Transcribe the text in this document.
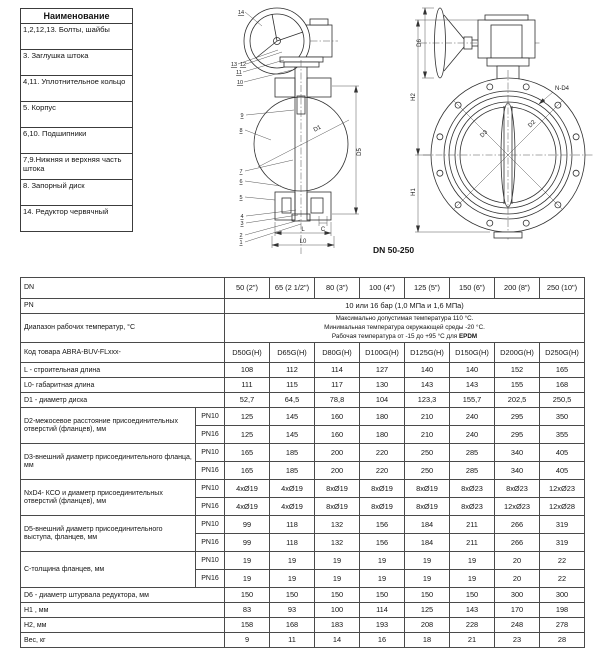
Наименование
1,2,12,13. Болты, шайбы
3. Заглушка штока
4,11. Уплотнительное кольцо
5. Корпус
6,10. Подшипники
7,9.Нижняя и верхняя часть штока
8. Запорный диск
14. Редуктор червячный
D1
D5
L
L0
C
14
13 12
11
10
9
8
7
6
5
4
3
2
1
D6
D3
D2
N-D4
H2
H1
DN 50-250
DN		50 (2")	65 (2 1/2")	80 (3")	100 (4")	125 (5")	150 (6")	200 (8")	250 (10")
PN		10 или 16 бар (1,0 МПа и 1,6 МПа)							
Диапазон рабочих температур, °C		Максимально допустимая температура 110 °C.
Минимальная температура окружающей среды -20 °C.
Рабочая температура от -15 до +95 °C для EPDM							

Код товара ABRA-BUV-FLxxx-		D50G(H)	D65G(H)	D80G(H)	D100G(H)	D125G(H)	D150G(H)	D200G(H)	D250G(H)
L - строительная длина		108	112	114	127	140	140	152	165
L0- габаритная длина		111	115	117	130	143	143	155	168
D1 - диаметр диска		52,7	64,5	78,8	104	123,3	155,7	202,5	250,5
D2-межосевое расстояние присоединительных отверстий (фланцев), мм	PN10	125	145	160	180	210	240	295	350
	PN16	125	145	160	180	210	240	295	355
D3-внешний диаметр присоединительного фланца, мм	PN10	165	185	200	220	250	285	340	405
	PN16	165	185	200	220	250	285	340	405
NxD4- КСО и диаметр присоединительных отверстий (фланцев), мм	PN10	4xØ19	4xØ19	8xØ19	8xØ19	8xØ19	8xØ23	8xØ23	12xØ23
	PN16	4xØ19	4xØ19	8xØ19	8xØ19	8xØ19	8xØ23	12xØ23	12xØ28
D5-внешний диаметр присоединительного выступа, фланцев, мм	PN10	99	118	132	156	184	211	266	319
	PN16	99	118	132	156	184	211	266	319
C-толщина фланцев, мм	PN10	19	19	19	19	19	19	20	22
	PN16	19	19	19	19	19	19	20	22
D6 - диаметр штурвала редуктора, мм		150	150	150	150	150	150	300	300
H1 , мм		83	93	100	114	125	143	170	198
H2, мм		158	168	183	193	208	228	248	278
Вес, кг		9	11	14	16	18	21	23	28
